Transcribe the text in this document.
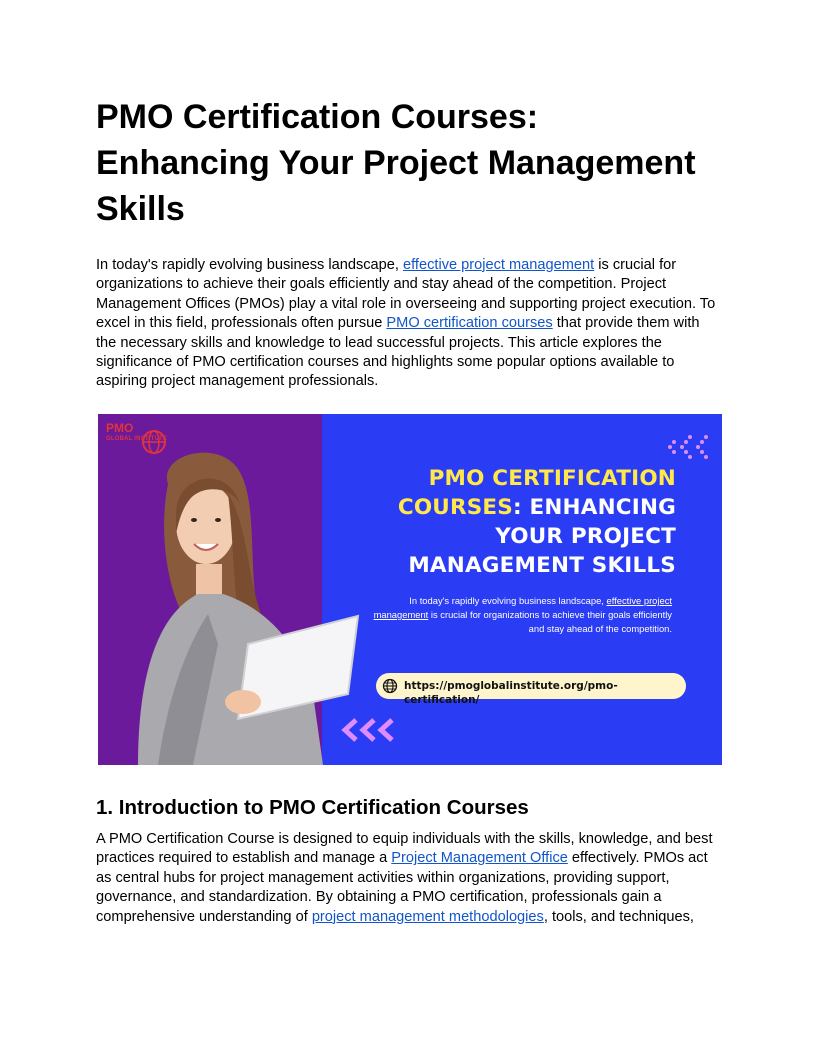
PMO Certification Courses:
Enhancing Your Project Management
Skills

In today's rapidly evolving business landscape, effective project management is crucial for organizations to achieve their goals efficiently and stay ahead of the competition. Project Management Offices (PMOs) play a vital role in overseeing and supporting project execution. To excel in this field, professionals often pursue PMO certification courses that provide them with the necessary skills and knowledge to lead successful projects. This article explores the significance of PMO certification courses and highlights some popular options available to aspiring project management professionals.

1. Introduction to PMO Certification Courses

A PMO Certification Course is designed to equip individuals with the skills, knowledge, and best practices required to establish and manage a Project Management Office effectively. PMOs act as central hubs for project management activities within organizations, providing support, governance, and standardization. By obtaining a PMO certification, professionals gain a comprehensive understanding of project management methodologies, tools, and techniques,

PMO
GLOBAL INSTITUTE
PMO CERTIFICATION
COURSES: ENHANCING
YOUR PROJECT
MANAGEMENT SKILLS
In today's rapidly evolving business landscape, effective project management is crucial for organizations to achieve their goals efficiently and stay ahead of the competition.
https://pmoglobalinstitute.org/pmo-certification/
